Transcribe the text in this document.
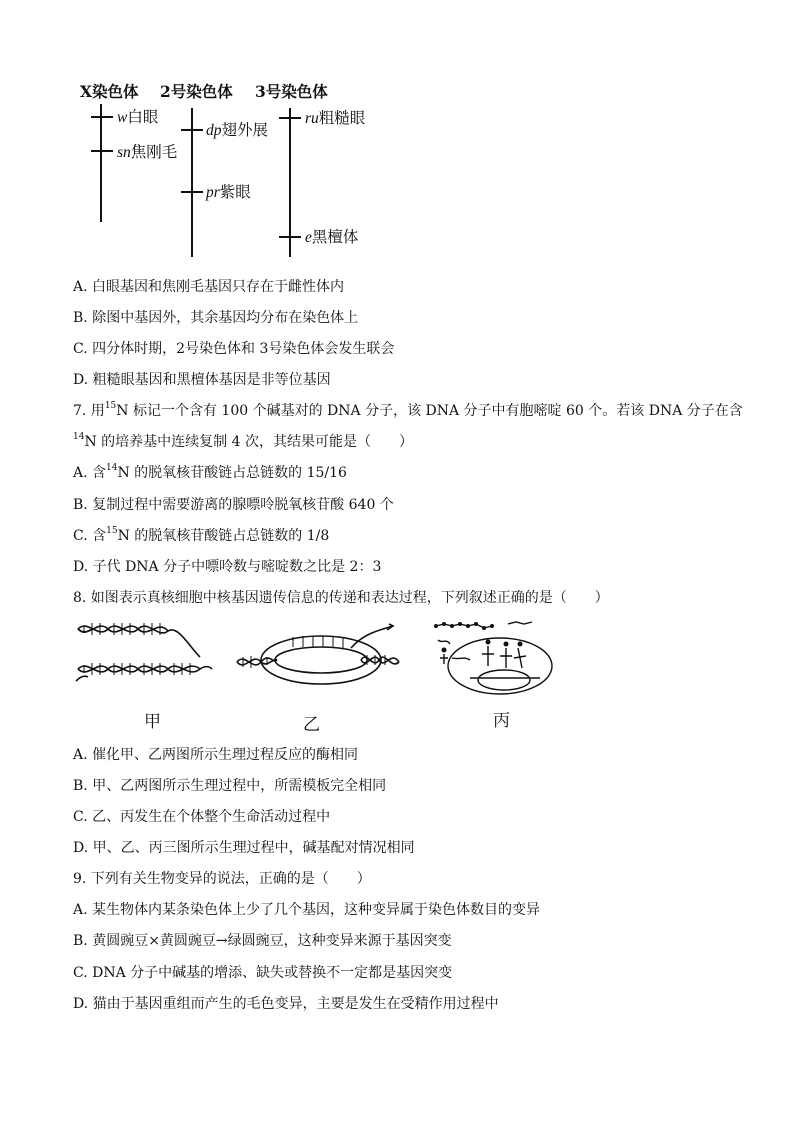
X染色体 2号染色体 3号染色体
w白眼
sn焦刚毛
dp翅外展
pr紫眼
ru粗糙眼
e黑檀体
A. 白眼基因和焦刚毛基因只存在于雌性体内
B. 除图中基因外，其余基因均分布在染色体上
C. 四分体时期，2号染色体和 3号染色体会发生联会
D. 粗糙眼基因和黑檀体基因是非等位基因
7. 用$^{15}$N 标记一个含有 100 个碱基对的 DNA 分子，该 DNA 分子中有胞嘧啶 60 个。若该 DNA 分子在含
$^{14}$N 的培养基中连续复制 4 次，其结果可能是（　　）
A. 含$^{14}$N 的脱氧核苷酸链占总链数的 15/16
B. 复制过程中需要游离的腺嘌呤脱氧核苷酸 640 个
C. 含$^{15}$N 的脱氧核苷酸链占总链数的 1/8
D. 子代 DNA 分子中嘌呤数与嘧啶数之比是 2：3
8. 如图表示真核细胞中核基因遗传信息的传递和表达过程，下列叙述正确的是（　　）
甲	乙	丙
A. 催化甲、乙两图所示生理过程反应的酶相同
B. 甲、乙两图所示生理过程中，所需模板完全相同
C. 乙、丙发生在个体整个生命活动过程中
D. 甲、乙、丙三图所示生理过程中，碱基配对情况相同
9. 下列有关生物变异的说法，正确的是（　　）
A. 某生物体内某条染色体上少了几个基因，这种变异属于染色体数目的变异
B. 黄圆豌豆×黄圆豌豆→绿圆豌豆，这种变异来源于基因突变
C. DNA 分子中碱基的增添、缺失或替换不一定都是基因突变
D. 猫由于基因重组而产生的毛色变异，主要是发生在受精作用过程中
